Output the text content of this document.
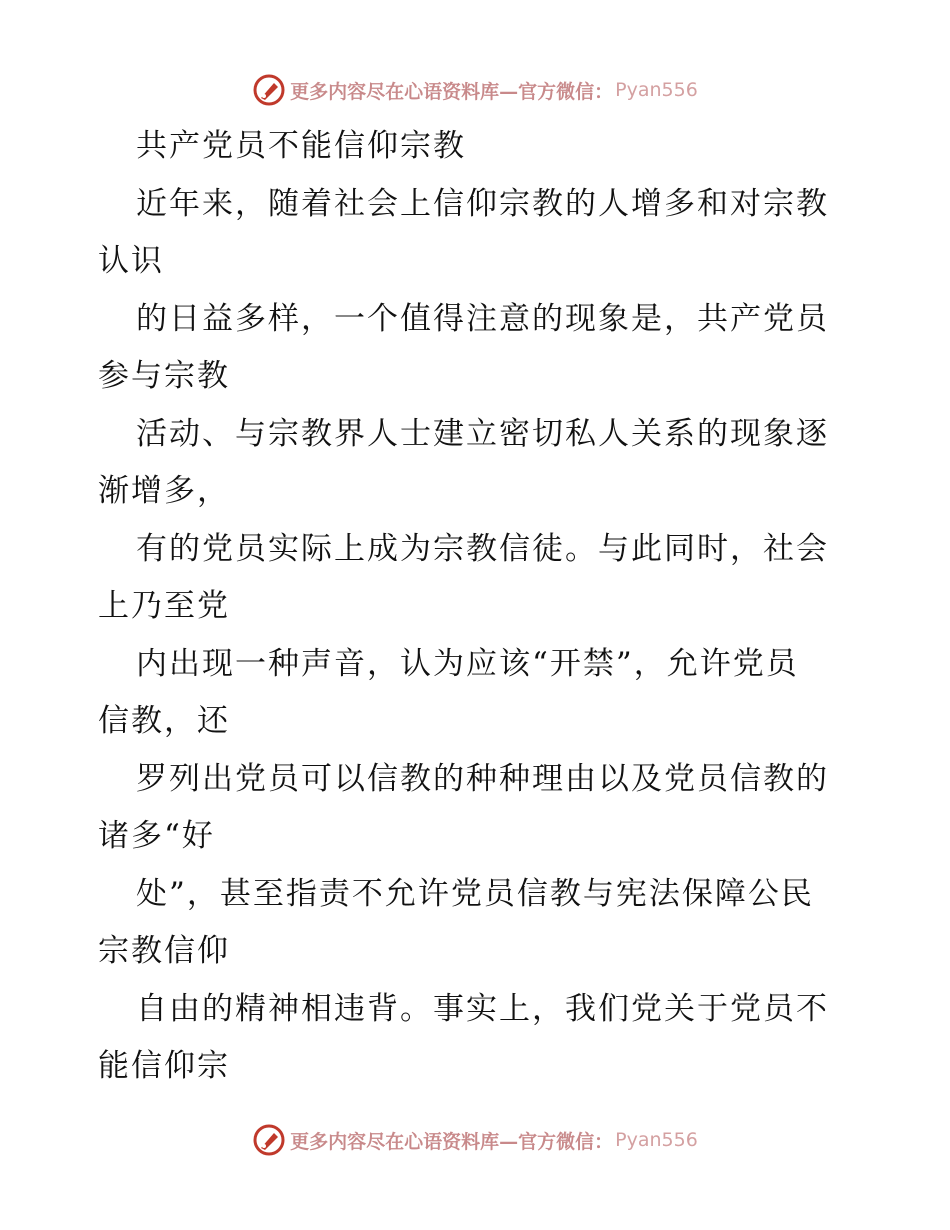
更多内容尽在心语资料库—官方微信： Pyan556
共产党员不能信仰宗教
近年来，随着社会上信仰宗教的人增多和对宗教
认识
的日益多样，一个值得注意的现象是，共产党员
参与宗教
活动、与宗教界人士建立密切私人关系的现象逐
渐增多，
有的党员实际上成为宗教信徒。与此同时，社会
上乃至党
内出现一种声音，认为应该“开禁”，允许党员
信教，还
罗列出党员可以信教的种种理由以及党员信教的
诸多“好
处”，甚至指责不允许党员信教与宪法保障公民
宗教信仰
自由的精神相违背。事实上，我们党关于党员不
能信仰宗
更多内容尽在心语资料库—官方微信： Pyan556
